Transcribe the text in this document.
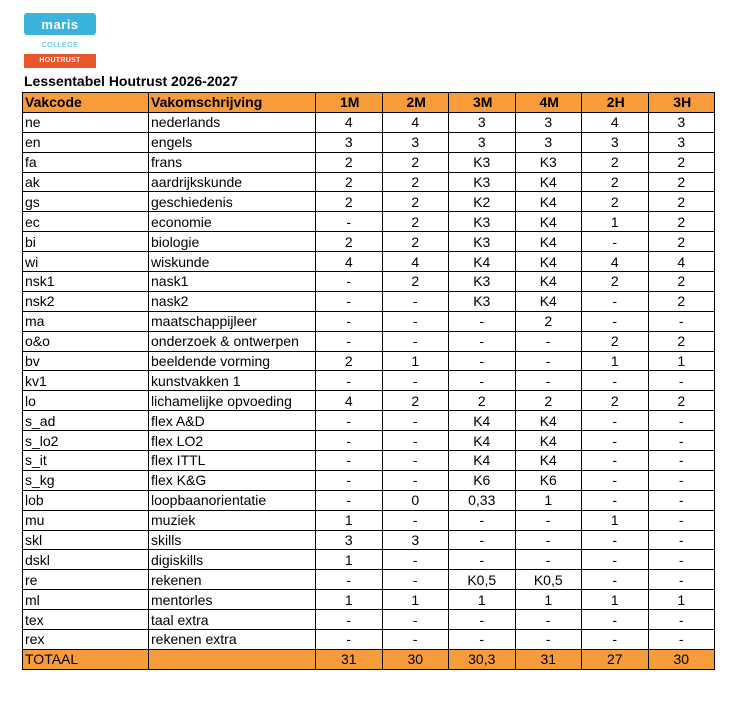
maris
COLLEGE
HOUTRUST
Lessentabel Houtrust 2026-2027
Vakcode	Vakomschrijving	1M	2M	3M	4M	2H	3H
ne	nederlands	4	4	3	3	4	3
en	engels	3	3	3	3	3	3
fa	frans	2	2	K3	K3	2	2
ak	aardrijkskunde	2	2	K3	K4	2	2
gs	geschiedenis	2	2	K2	K4	2	2
ec	economie	-	2	K3	K4	1	2
bi	biologie	2	2	K3	K4	-	2
wi	wiskunde	4	4	K4	K4	4	4
nsk1	nask1	-	2	K3	K4	2	2
nsk2	nask2	-	-	K3	K4	-	2
ma	maatschappijleer	-	-	-	2	-	-
o&o	onderzoek & ontwerpen	-	-	-	-	2	2
bv	beeldende vorming	2	1	-	-	1	1
kv1	kunstvakken 1	-	-	-	-	-	-
lo	lichamelijke opvoeding	4	2	2	2	2	2
s_ad	flex A&D	-	-	K4	K4	-	-
s_lo2	flex LO2	-	-	K4	K4	-	-
s_it	flex ITTL	-	-	K4	K4	-	-
s_kg	flex K&G	-	-	K6	K6	-	-
lob	loopbaanorientatie	-	0	0,33	1	-	-
mu	muziek	1	-	-	-	1	-
skl	skills	3	3	-	-	-	-
dskl	digiskills	1	-	-	-	-	-
re	rekenen	-	-	K0,5	K0,5	-	-
ml	mentorles	1	1	1	1	1	1
tex	taal extra	-	-	-	-	-	-
rex	rekenen extra	-	-	-	-	-	-
TOTAAL		31	30	30,3	31	27	30
